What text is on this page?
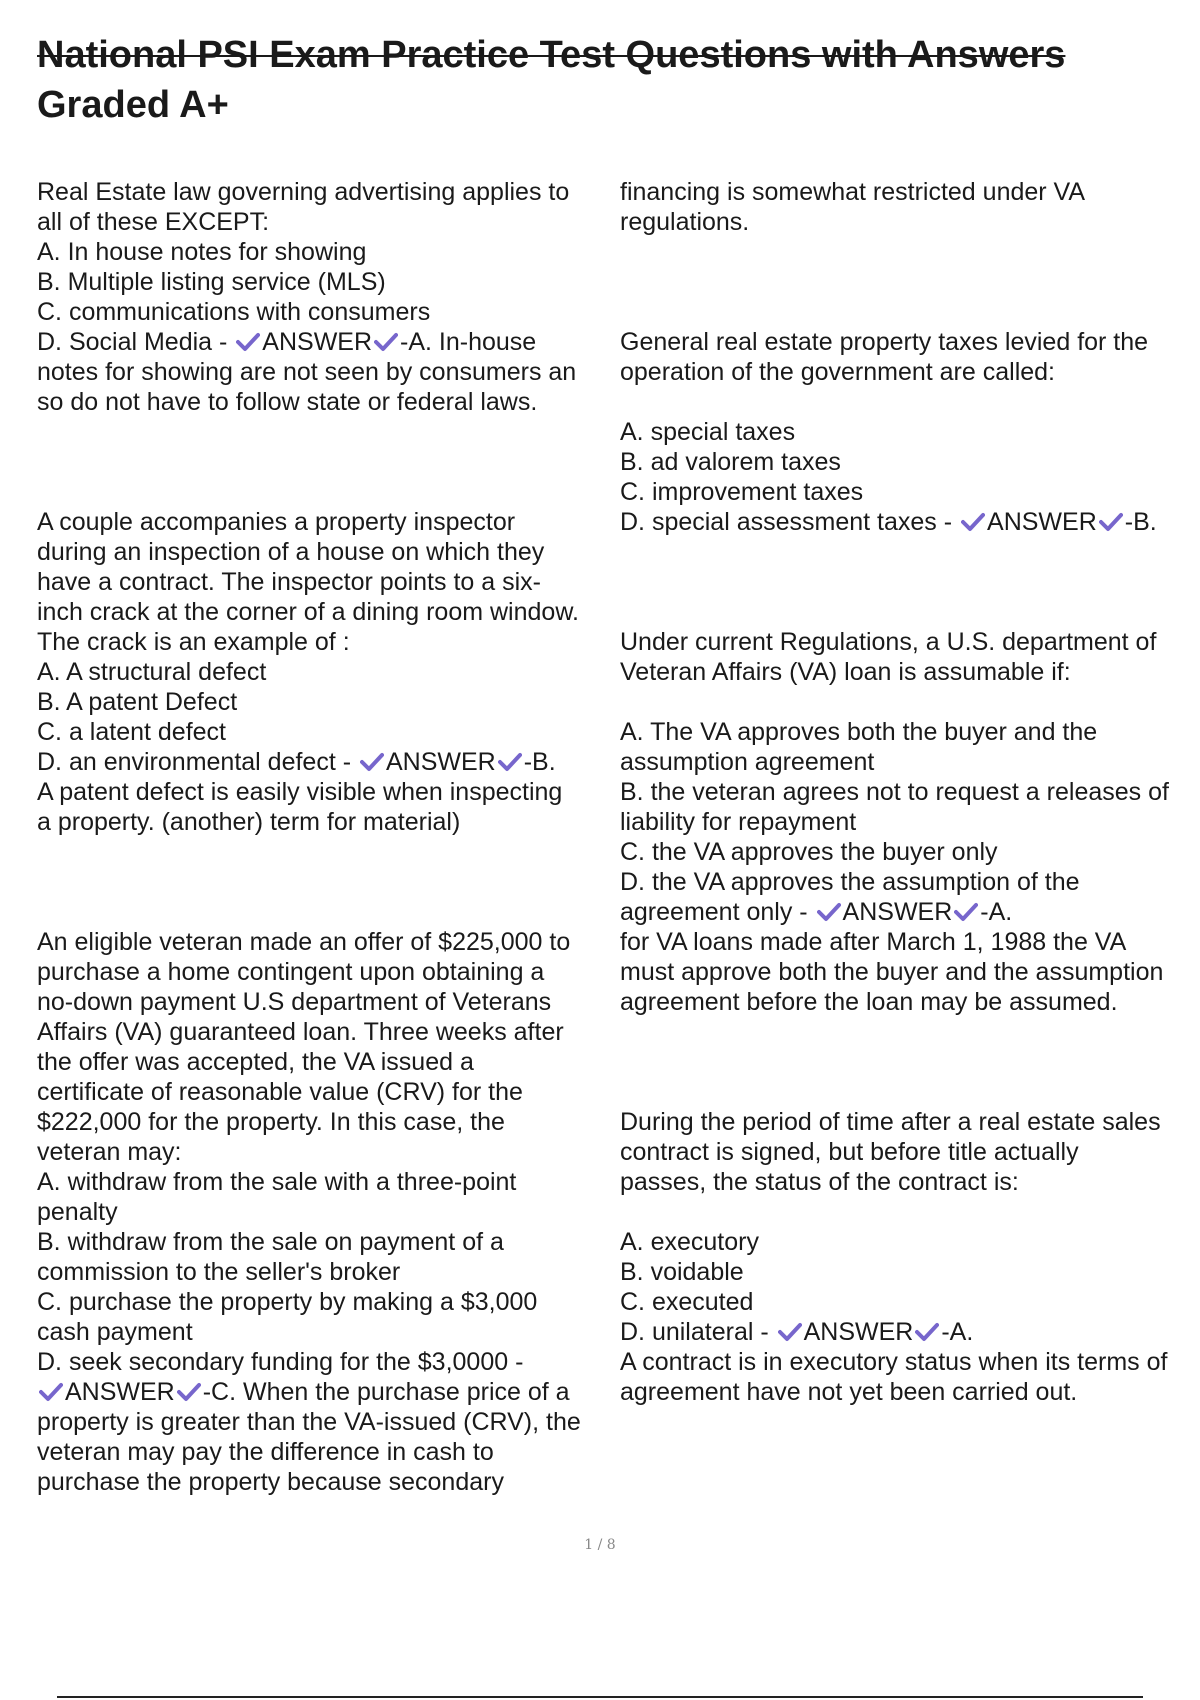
National PSI Exam Practice Test Questions with Answers
Graded A+
Real Estate law governing advertising applies to
all of these EXCEPT:
A. In house notes for showing
B. Multiple listing service (MLS)
C. communications with consumers
D. Social Media -
ANSWER -A. In-house
notes for showing are not seen by consumers an
so do not have to follow state or federal laws.
A couple accompanies a property inspector
during an inspection of a house on which they
have a contract. The inspector points to a six-
inch crack at the corner of a dining room window.
The crack is an example of :
A. A structural defect
B. A patent Defect
C. a latent defect
D. an environmental defect -
ANSWER -B.
A patent defect is easily visible when inspecting
a property. (another) term for material)
An eligible veteran made an offer of $225,000 to
purchase a home contingent upon obtaining a
no-down payment U.S department of Veterans
Affairs (VA) guaranteed loan. Three weeks after
the offer was accepted, the VA issued a
certificate of reasonable value (CRV) for the
$222,000 for the property. In this case, the
veteran may:
A. withdraw from the sale with a three-point
penalty
B. withdraw from the sale on payment of a
commission to the seller's broker
C. purchase the property by making a $3,000
cash payment
D. seek secondary funding for the $3,0000 -
ANSWER -C. When the purchase price of a
property is greater than the VA-issued (CRV), the
veteran may pay the difference in cash to
purchase the property because secondary
financing is somewhat restricted under VA
regulations.
General real estate property taxes levied for the
operation of the government are called:
A. special taxes
B. ad valorem taxes
C. improvement taxes
D. special assessment taxes -
ANSWER -B.
Under current Regulations, a U.S. department of
Veteran Affairs (VA) loan is assumable if:
A. The VA approves both the buyer and the
assumption agreement
B. the veteran agrees not to request a releases of
liability for repayment
C. the VA approves the buyer only
D. the VA approves the assumption of the
agreement only -
ANSWER -A.
for VA loans made after March 1, 1988 the VA
must approve both the buyer and the assumption
agreement before the loan may be assumed.
During the period of time after a real estate sales
contract is signed, but before title actually
passes, the status of the contract is:
A. executory
B. voidable
C. executed
D. unilateral -
ANSWER -A.
A contract is in executory status when its terms of
agreement have not yet been carried out.
1 / 8
